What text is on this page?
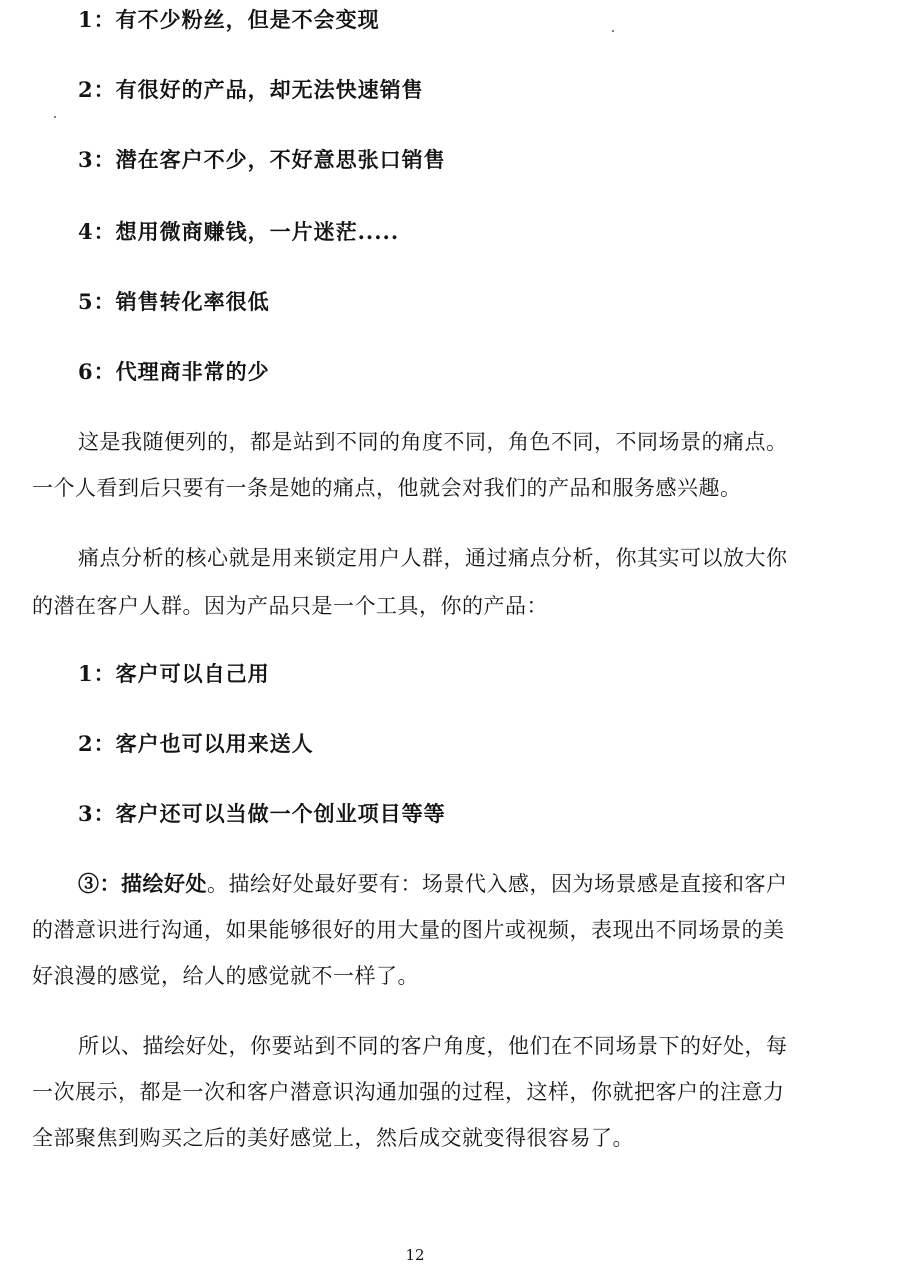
1：有不少粉丝，但是不会变现
2：有很好的产品，却无法快速销售
3：潜在客户不少，不好意思张口销售
4：想用微商赚钱，一片迷茫.....
5：销售转化率很低
6：代理商非常的少
这是我随便列的，都是站到不同的角度不同，角色不同，不同场景的痛点。
一个人看到后只要有一条是她的痛点，他就会对我们的产品和服务感兴趣。
痛点分析的核心就是用来锁定用户人群，通过痛点分析，你其实可以放大你
的潜在客户人群。因为产品只是一个工具，你的产品：
1：客户可以自己用
2：客户也可以用来送人
3：客户还可以当做一个创业项目等等
③：描绘好处。描绘好处最好要有：场景代入感，因为场景感是直接和客户
的潜意识进行沟通，如果能够很好的用大量的图片或视频，表现出不同场景的美
好浪漫的感觉，给人的感觉就不一样了。
所以、描绘好处，你要站到不同的客户角度，他们在不同场景下的好处，每
一次展示，都是一次和客户潜意识沟通加强的过程，这样，你就把客户的注意力
全部聚焦到购买之后的美好感觉上，然后成交就变得很容易了。
12
